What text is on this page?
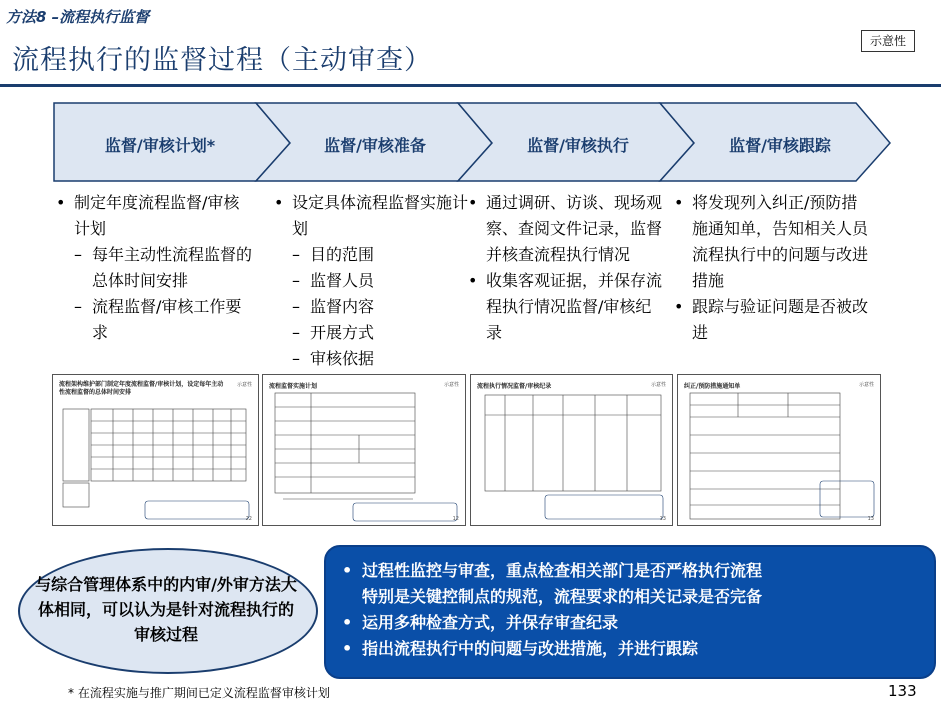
方法8 –流程执行监督
流程执行的监督过程（主动审查）
示意性
监督/审核计划*	监督/审核准备	监督/审核执行	监督/审核跟踪
• 制定年度流程监督/审核计划
– 每年主动性流程监督的总体时间安排
– 流程监督/审核工作要求
• 设定具体流程监督实施计划
– 目的范围
– 监督人员
– 监督内容
– 开展方式
– 审核依据
• 通过调研、访谈、现场观察、查阅文件记录，监督并核查流程执行情况
• 收集客观证据，并保存流程执行情况监督/审核纪录
• 将发现列入纠正/预防措施通知单，告知相关人员流程执行中的问题与改进措施
• 跟踪与验证问题是否被改进
流程架构维护部门制定年度流程监督/审核计划，设定每年主动性流程监督的总体时间安排
示意性
22
流程监督实施计划	示意性
12
流程执行情况监督/审核纪录	示意性
13
纠正/预防措施通知单	示意性
13
与综合管理体系中的内审/外审方法大体相同，可以认为是针对流程执行的审核过程
• 过程性监控与审查，重点检查相关部门是否严格执行流程
特别是关键控制点的规范，流程要求的相关记录是否完备
• 运用多种检查方式，并保存审查纪录
• 指出流程执行中的问题与改进措施，并进行跟踪
* 在流程实施与推广期间已定义流程监督审核计划	133
